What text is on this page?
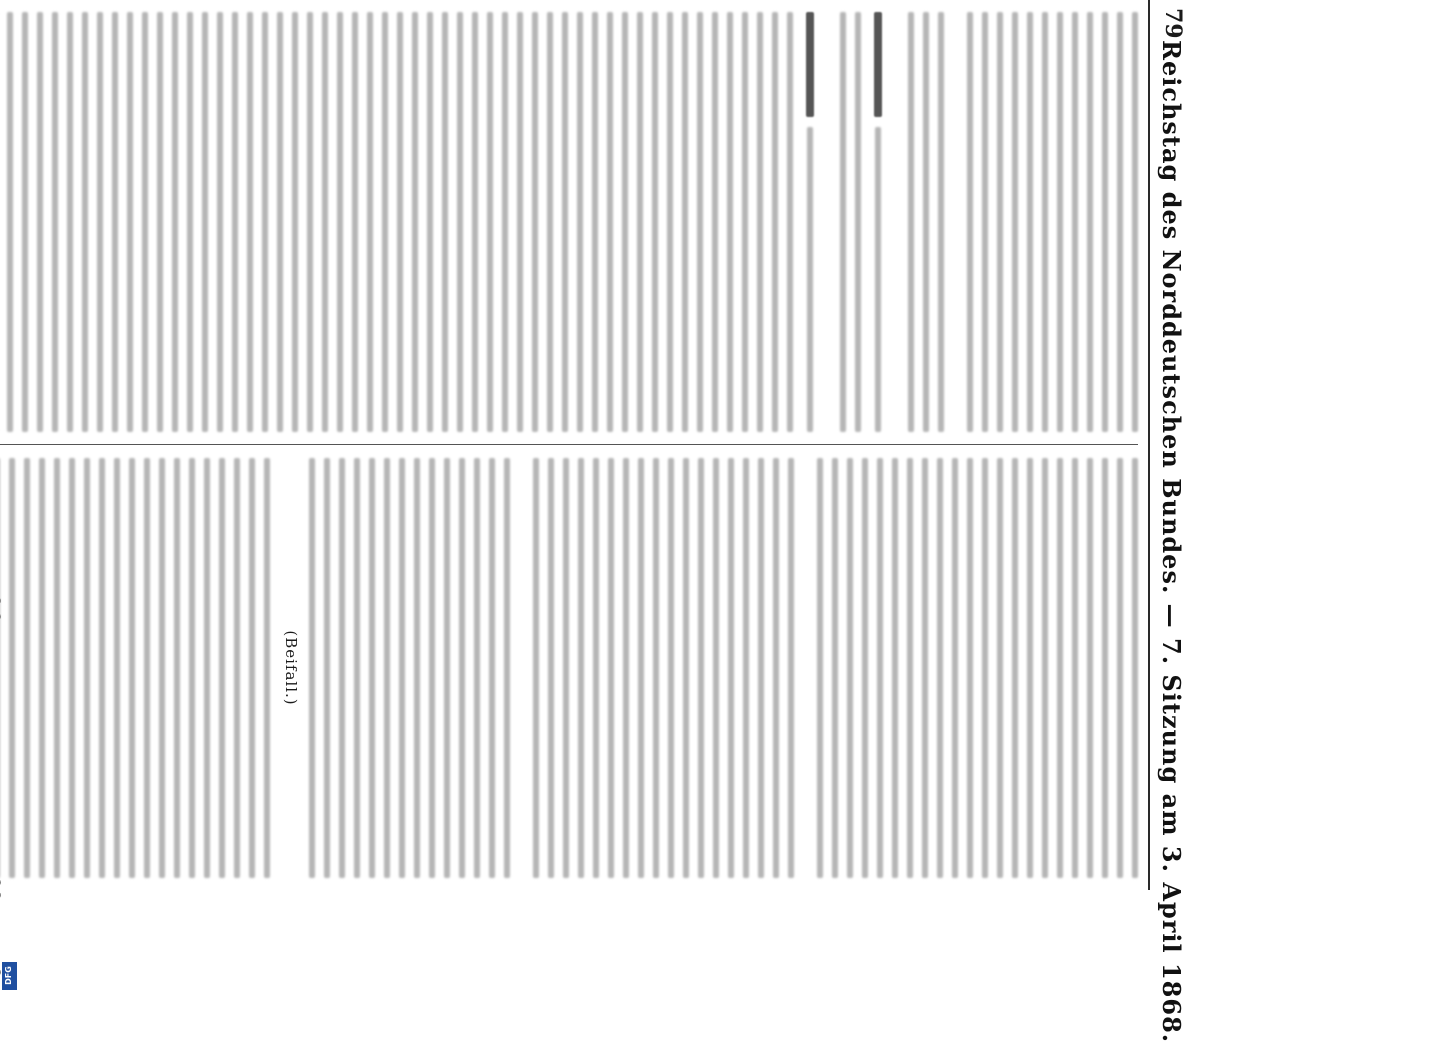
DFG
79
Reichstag des Norddeutschen Bundes. — 7. Sitzung am 3. April 1868.
(Beifall.)
